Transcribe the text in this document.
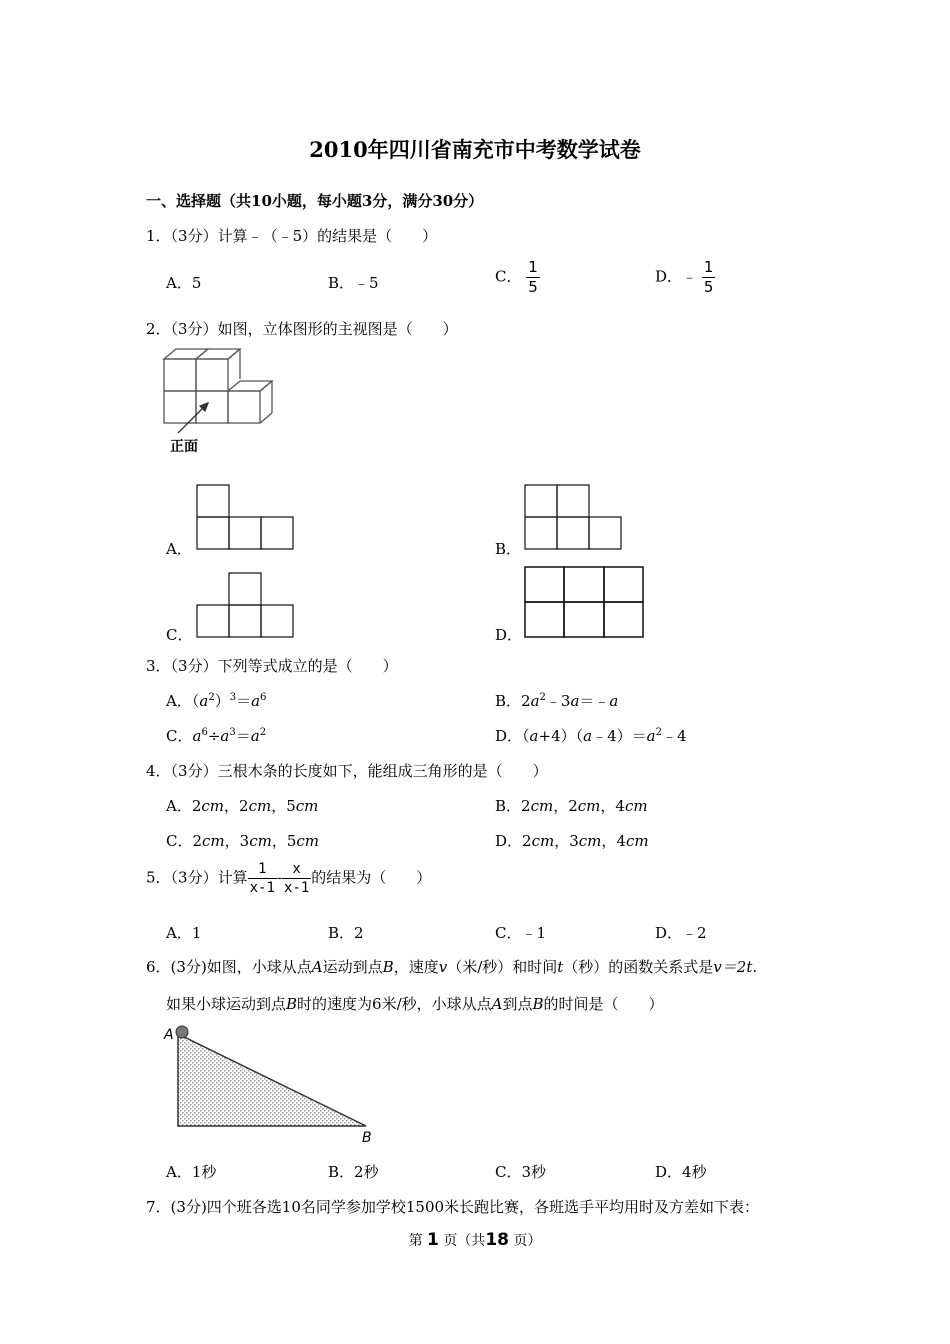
2010年四川省南充市中考数学试卷
一、选择题（共10小题，每小题3分，满分30分）
1．（3分）计算﹣（﹣5）的结果是（　　）
A．5	B．﹣5	C． $\frac{1}{5}$	D．﹣ $\frac{1}{5}$
2．（3分）如图，立体图形的主视图是（　　）
正面
A．	B．
C．	D．
3．（3分）下列等式成立的是（　　）
A．$(a^2)^3=a^6$	B．$2a^2﹣3a=﹣a$
C．$a^6\div a^3=a^2$	D．$(a+4)(a﹣4)=a^2﹣4$
4．（3分）三根木条的长度如下，能组成三角形的是（　　）
A．2cm，2cm，5cm	B．2cm，2cm，4cm
C．2cm，3cm，5cm	D．2cm，3cm，4cm
5．（3分）计算 $\frac{1}{x-1} - \frac{x}{x-1}$ 的结果为（　　）
A．1	B．2	C．﹣1	D．﹣2
6．(3分)如图，小球从点A运动到点B，速度v（米/秒）和时间t（秒）的函数关系式是v＝2t.
如果小球运动到点B时的速度为6米/秒，小球从点A到点B的时间是（　　）
A
B
A．1秒	B．2秒	C．3秒	D．4秒
7．(3分)四个班各选10名同学参加学校1500米长跑比赛，各班选手平均用时及方差如下表：
第 1 页（共18 页）
